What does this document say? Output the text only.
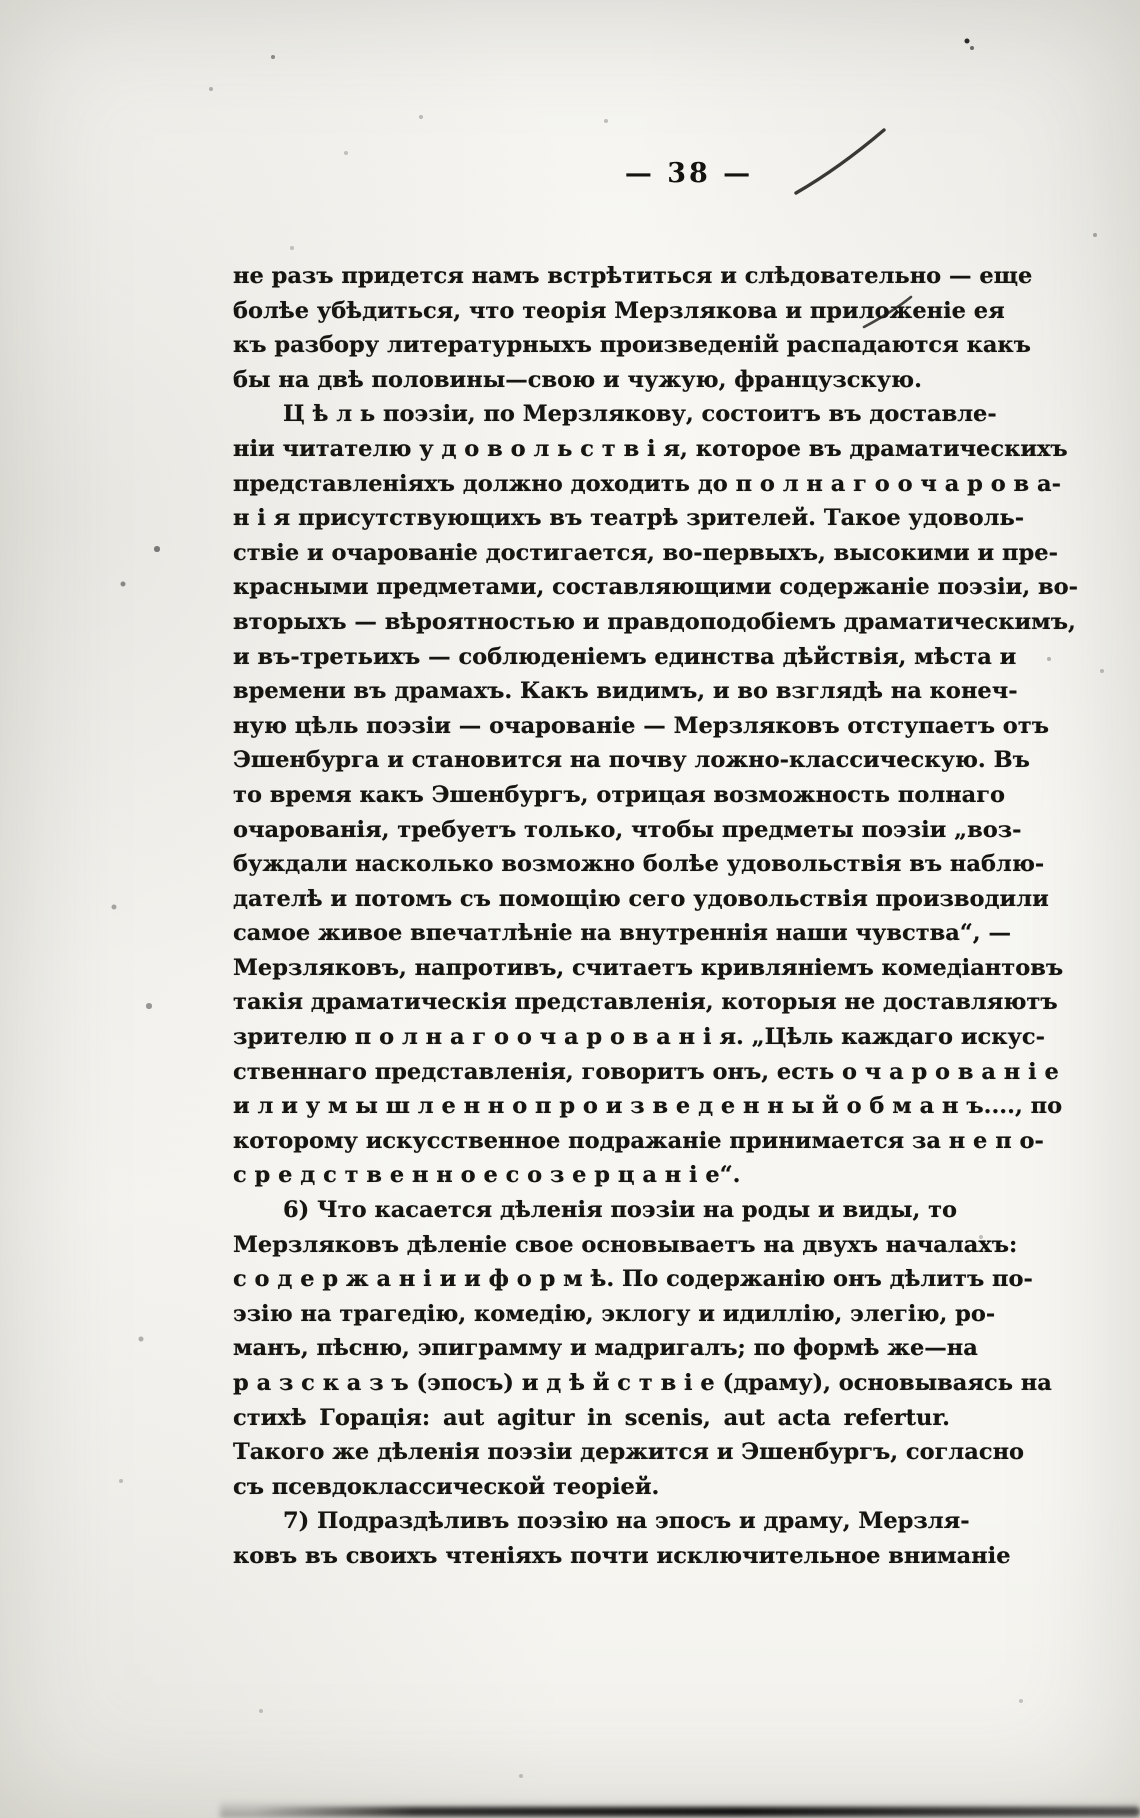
— 38 —
не разъ придется намъ встрѣтиться и слѣдовательно — еще
болѣе убѣдиться, что теорія Мерзлякова и приложеніе ея
къ разбору литературныхъ произведеній распадаются какъ
бы на двѣ половины—свою и чужую, французскую.
Ц ѣ л ь поэзіи, по Мерзлякову, состоитъ въ доставле-
ніи читателю у д о в о л ь с т в і я, которое въ драматическихъ
представленіяхъ должно доходить до п о л н а г о о ч а р о в а-
н і я присутствующихъ въ театрѣ зрителей. Такое удоволь-
ствіе и очарованіе достигается, во-первыхъ, высокими и пре-
красными предметами, составляющими содержаніе поэзіи, во-
вторыхъ — вѣроятностью и правдоподобіемъ драматическимъ,
и въ-третьихъ — соблюденіемъ единства дѣйствія, мѣста и
времени въ драмахъ. Какъ видимъ, и во взглядѣ на конеч-
ную цѣль поэзіи — очарованіе — Мерзляковъ отступаетъ отъ
Эшенбурга и становится на почву ложно-классическую. Въ
то время какъ Эшенбургъ, отрицая возможность полнаго
очарованія, требуетъ только, чтобы предметы поэзіи „воз-
буждали насколько возможно болѣе удовольствія въ наблю-
дателѣ и потомъ съ помощію сего удовольствія производили
самое живое впечатлѣніе на внутреннія наши чувства“, —
Мерзляковъ, напротивъ, считаетъ кривляніемъ комедіантовъ
такія драматическія представленія, которыя не доставляютъ
зрителю п о л н а г о о ч а р о в а н і я. „Цѣль каждаго искус-
ственнаго представленія, говоритъ онъ, есть о ч а р о в а н і е
и л и у м ы ш л е н н о п р о и з в е д е н н ы й о б м а н ъ...., по
которому искусственное подражаніе принимается за н е п о-
с р е д с т в е н н о е с о з е р ц а н і е“.
6) Что касается дѣленія поэзіи на роды и виды, то
Мерзляковъ дѣленіе свое основываетъ на двухъ началахъ:
с о д е р ж а н і и и ф о р м ѣ. По содержанію онъ дѣлитъ по-
эзію на трагедію, комедію, эклогу и идиллію, элегію, ро-
манъ, пѣсню, эпиграмму и мадригалъ; по формѣ же—на
р а з с к а з ъ (эпосъ) и д ѣ й с т в і е (драму), основываясь на
стихѣ Горація: aut agitur in scenis, aut acta refertur.
Такого же дѣленія поэзіи держится и Эшенбургъ, согласно
съ псевдоклассической теоріей.
7) Подраздѣливъ поэзію на эпосъ и драму, Мерзля-
ковъ въ своихъ чтеніяхъ почти исключительное вниманіе
